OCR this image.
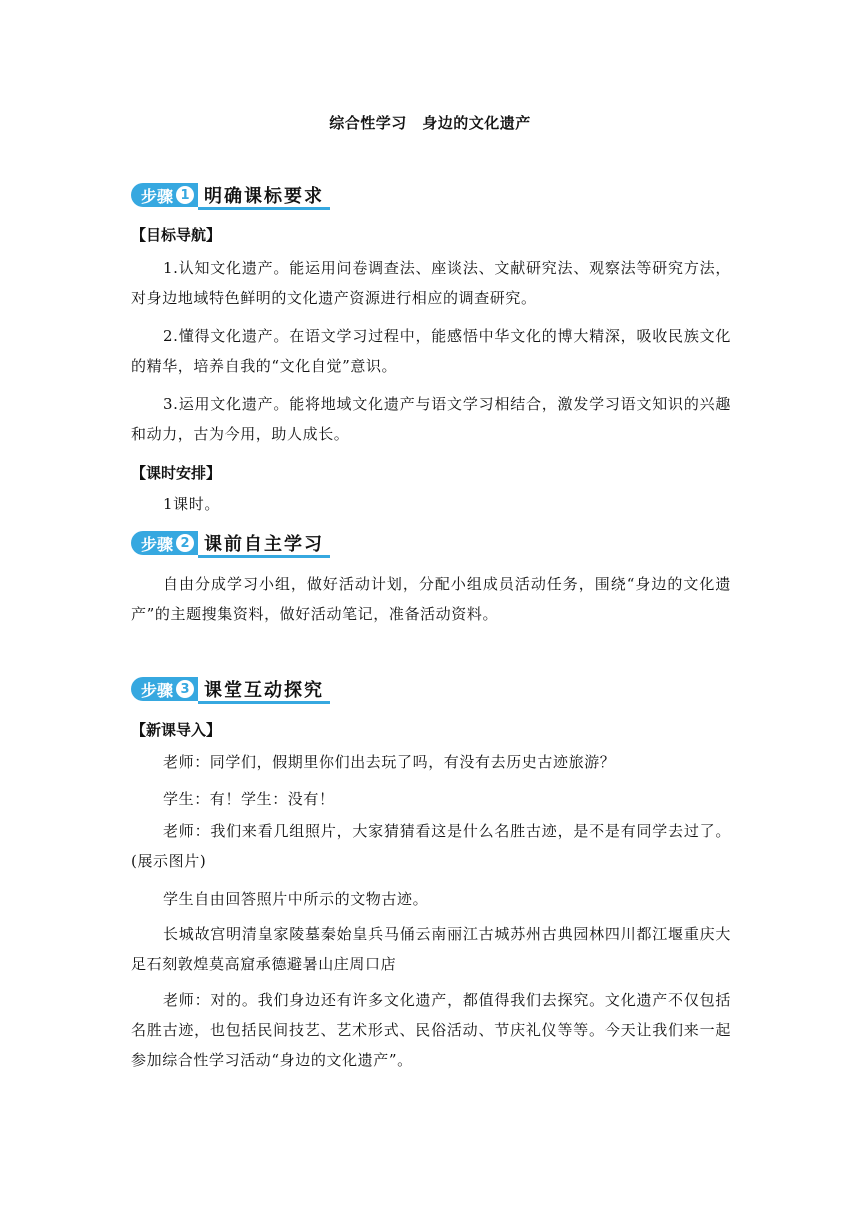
综合性学习　身边的文化遗产
步骤 1 明确课标要求
【目标导航】
1.认知文化遗产。能运用问卷调查法、座谈法、文献研究法、观察法等研究方法，对身边地域特色鲜明的文化遗产资源进行相应的调查研究。
2.懂得文化遗产。在语文学习过程中，能感悟中华文化的博大精深，吸收民族文化的精华，培养自我的“文化自觉”意识。
3.运用文化遗产。能将地域文化遗产与语文学习相结合，激发学习语文知识的兴趣和动力，古为今用，助人成长。
【课时安排】
1课时。
步骤 2 课前自主学习
自由分成学习小组，做好活动计划，分配小组成员活动任务，围绕“身边的文化遗产”的主题搜集资料，做好活动笔记，准备活动资料。
步骤 3 课堂互动探究
【新课导入】
老师：同学们，假期里你们出去玩了吗，有没有去历史古迹旅游？
学生：有！学生：没有！
老师：我们来看几组照片，大家猜猜看这是什么名胜古迹，是不是有同学去过了。(展示图片)
学生自由回答照片中所示的文物古迹。
长城故宫明清皇家陵墓秦始皇兵马俑云南丽江古城苏州古典园林四川都江堰重庆大足石刻敦煌莫高窟承德避暑山庄周口店
老师：对的。我们身边还有许多文化遗产，都值得我们去探究。文化遗产不仅包括名胜古迹，也包括民间技艺、艺术形式、民俗活动、节庆礼仪等等。今天让我们来一起参加综合性学习活动“身边的文化遗产”。
